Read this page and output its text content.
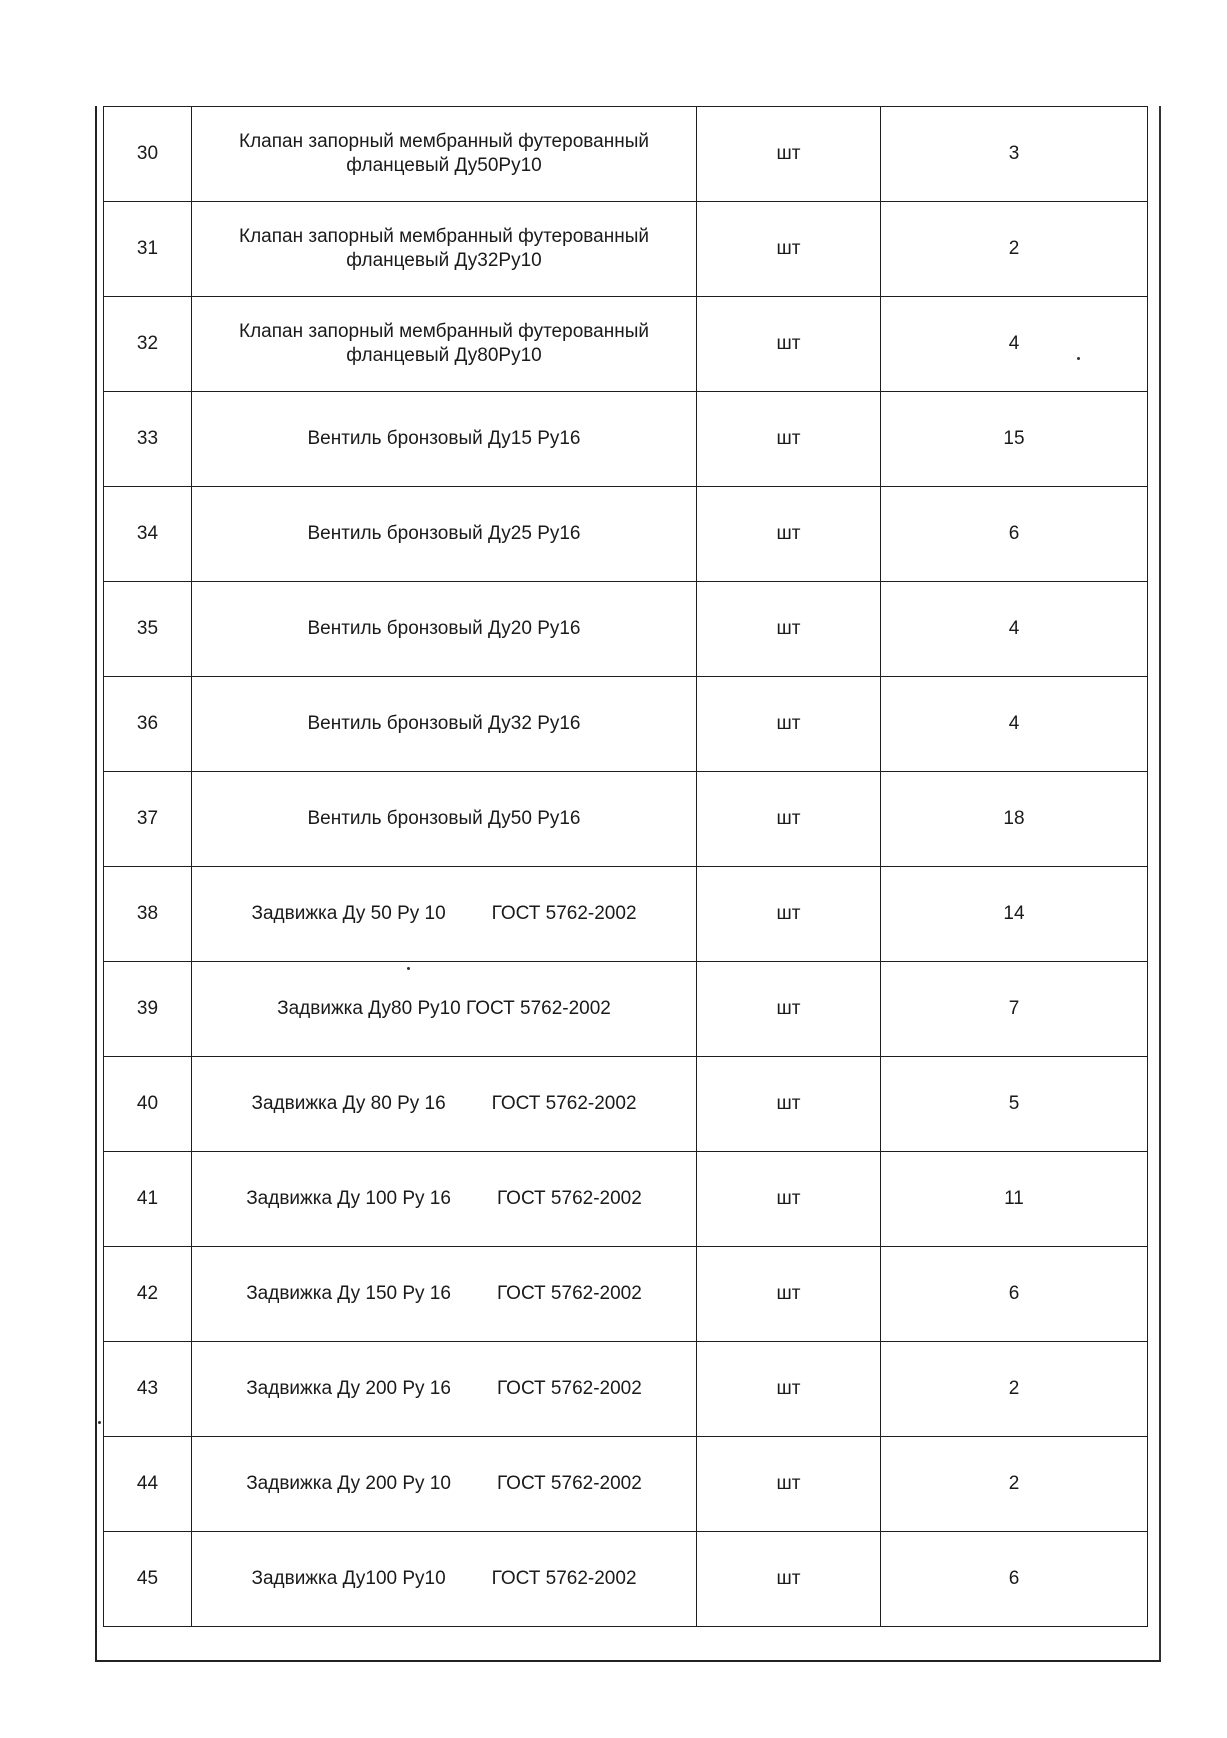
30	Клапан запорный мембранный футерованный
фланцевый Ду50Ру10	шт	3
31	Клапан запорный мембранный футерованный
фланцевый Ду32Ру10	шт	2
32	Клапан запорный мембранный футерованный
фланцевый Ду80Ру10	шт	4
33	Вентиль бронзовый Ду15 Ру16	шт	15
34	Вентиль бронзовый Ду25 Ру16	шт	6
35	Вентиль бронзовый Ду20 Ру16	шт	4
36	Вентиль бронзовый Ду32 Ру16	шт	4
37	Вентиль бронзовый Ду50 Ру16	шт	18
38	Задвижка Ду 50 Ру 10 ГОСТ 5762-2002	шт	14
39	Задвижка Ду80 Ру10 ГОСТ 5762-2002	шт	7
40	Задвижка Ду 80 Ру 16 ГОСТ 5762-2002	шт	5
41	Задвижка Ду 100 Ру 16 ГОСТ 5762-2002	шт	11
42	Задвижка Ду 150 Ру 16 ГОСТ 5762-2002	шт	6
43	Задвижка Ду 200 Ру 16 ГОСТ 5762-2002	шт	2
44	Задвижка Ду 200 Ру 10 ГОСТ 5762-2002	шт	2
45	Задвижка Ду100 Ру10 ГОСТ 5762-2002	шт	6
